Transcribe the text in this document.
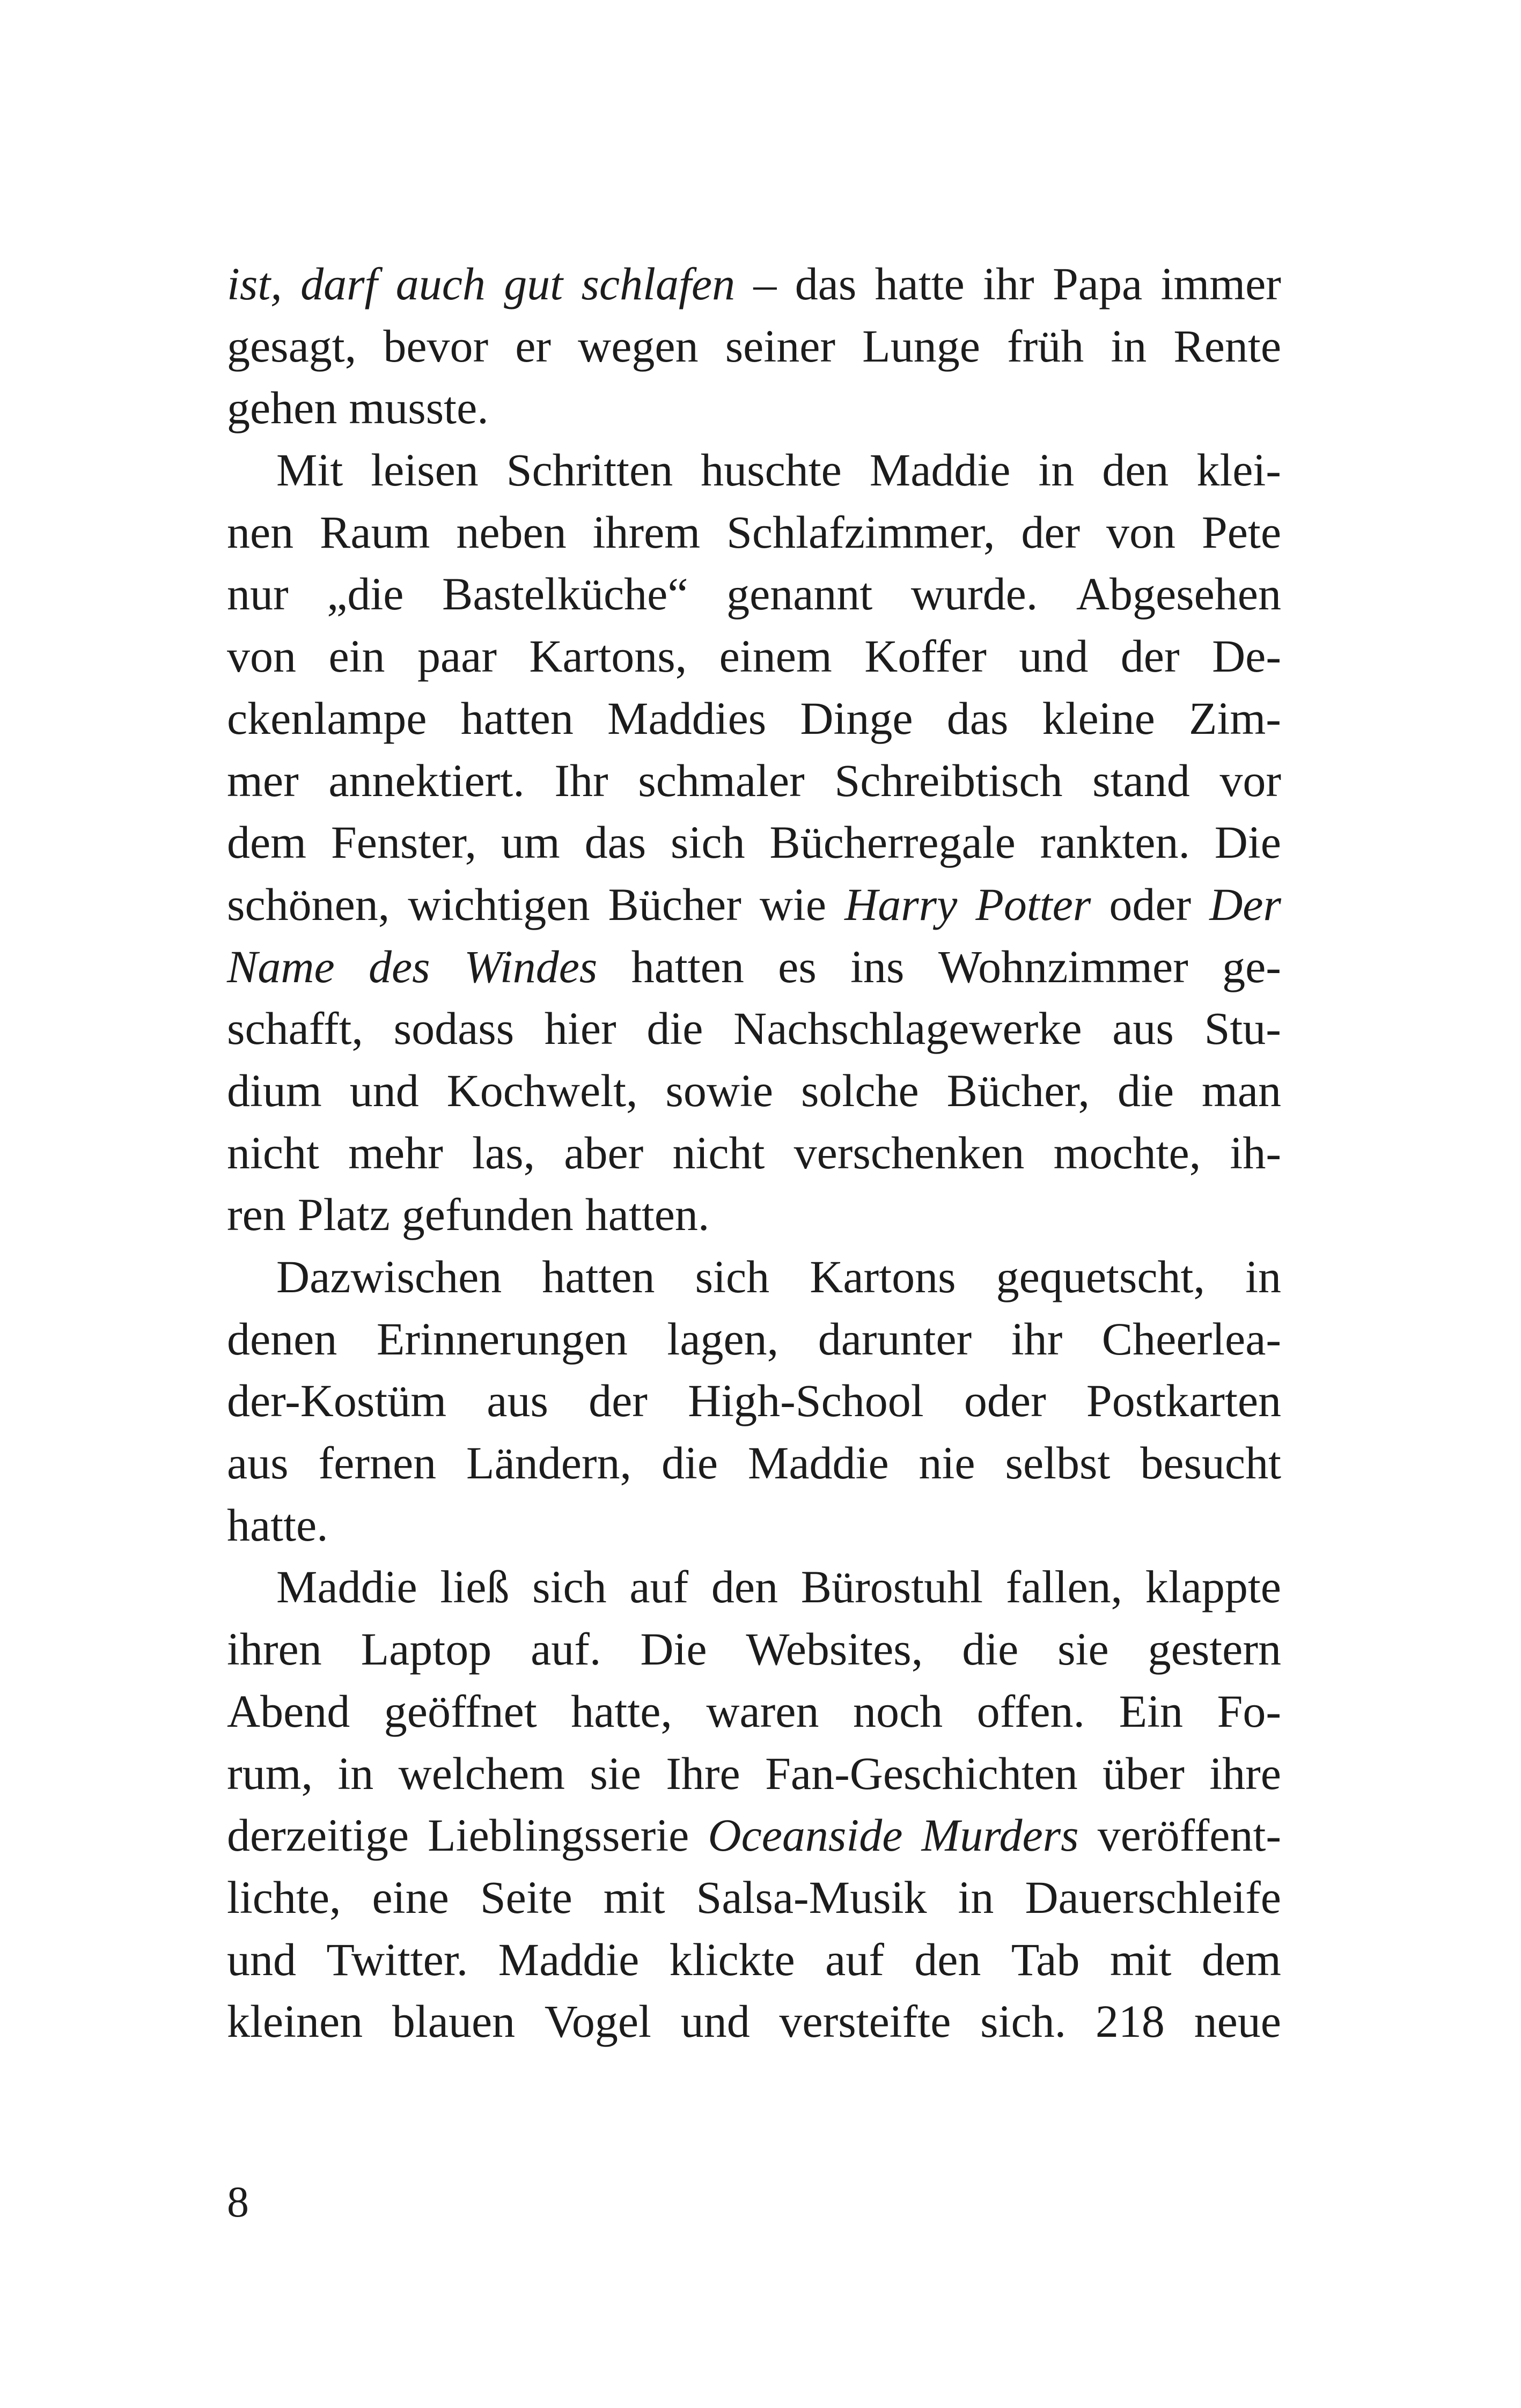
ist, darf auch gut schlafen – das hatte ihr Papa immer
gesagt, bevor er wegen seiner Lunge früh in Rente
gehen musste.
Mit leisen Schritten huschte Maddie in den klei-
nen Raum neben ihrem Schlafzimmer, der von Pete
nur „die Bastelküche“ genannt wurde. Abgesehen
von ein paar Kartons, einem Koffer und der De-
ckenlampe hatten Maddies Dinge das kleine Zim-
mer annektiert. Ihr schmaler Schreibtisch stand vor
dem Fenster, um das sich Bücherregale rankten. Die
schönen, wichtigen Bücher wie Harry Potter oder Der
Name des Windes hatten es ins Wohnzimmer ge-
schafft, sodass hier die Nachschlagewerke aus Stu-
dium und Kochwelt, sowie solche Bücher, die man
nicht mehr las, aber nicht verschenken mochte, ih-
ren Platz gefunden hatten.
Dazwischen hatten sich Kartons gequetscht, in
denen Erinnerungen lagen, darunter ihr Cheerlea-
der-Kostüm aus der High-School oder Postkarten
aus fernen Ländern, die Maddie nie selbst besucht
hatte.
Maddie ließ sich auf den Bürostuhl fallen, klappte
ihren Laptop auf. Die Websites, die sie gestern
Abend geöffnet hatte, waren noch offen. Ein Fo-
rum, in welchem sie Ihre Fan-Geschichten über ihre
derzeitige Lieblingsserie Oceanside Murders veröffent-
lichte, eine Seite mit Salsa-Musik in Dauerschleife
und Twitter. Maddie klickte auf den Tab mit dem
kleinen blauen Vogel und versteifte sich. 218 neue
8
